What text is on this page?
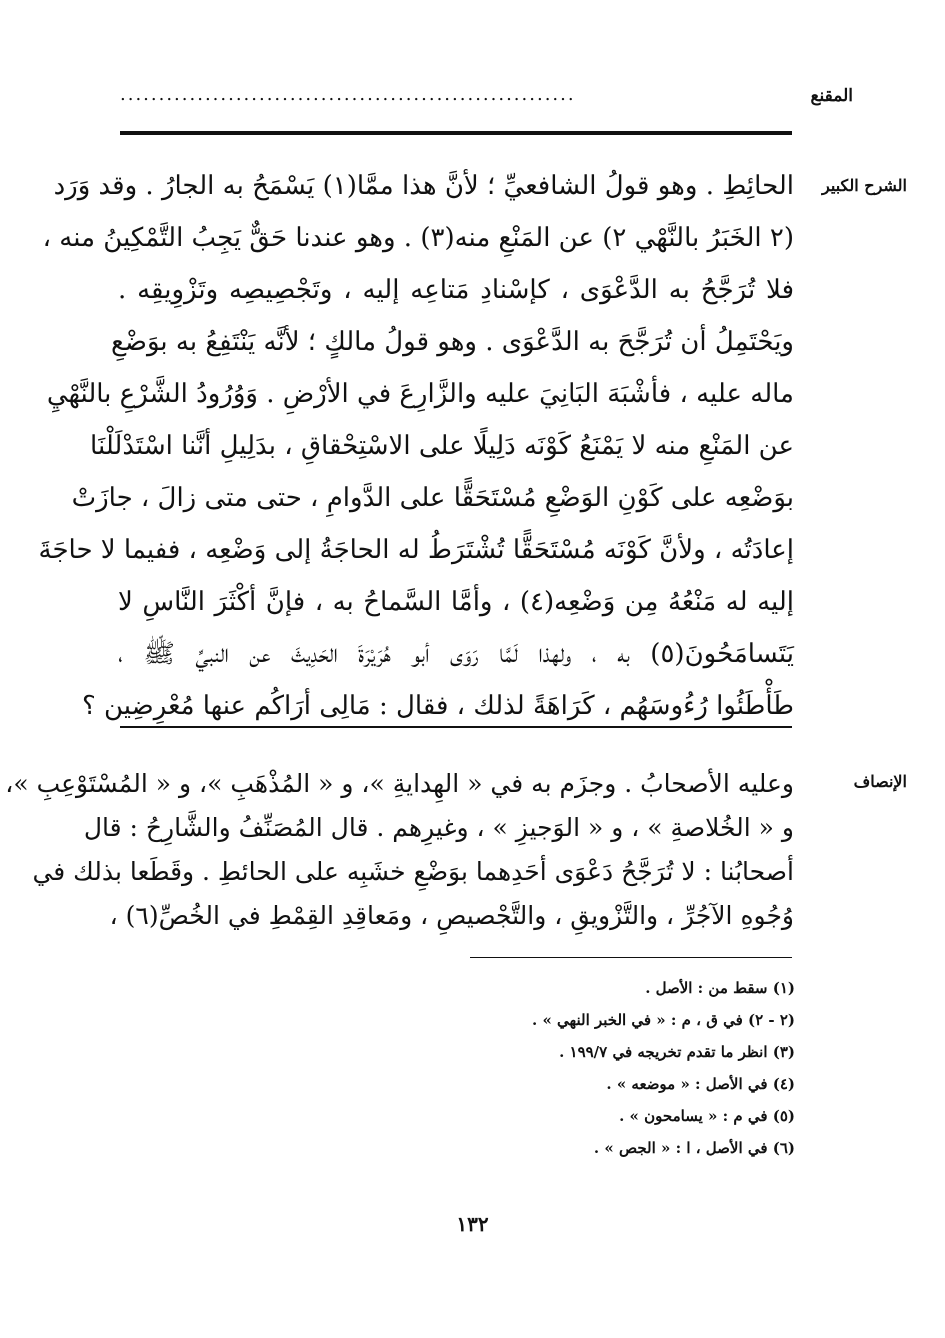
...........................................................	المقنع
الشرح الكبير
الحائِطِ . وهو قولُ الشافعيِّ ؛ لأنَّ هذا ممَّا(١) يَسْمَحُ به الجارُ . وقد وَرَد
(٢ الخَبَرُ بالنَّهْي ٢) عن المَنْعِ منه(٣) . وهو عندنا حَقٌّ يَجِبُ التَّمْكِينُ منه ،
فلا تُرَجَّحُ به الدَّعْوَى ، كإسْنادِ مَتاعِه إليه ، وتَجْصِيصِه وتَزْوِيقِه .
ويَحْتَمِلُ أن تُرَجَّحَ به الدَّعْوَى . وهو قولُ مالكٍ ؛ لأنَّه يَنْتَفِعُ به بوَضْعِ
ماله عليه ، فأشْبَهَ البَانِيَ عليه والزَّارِعَ في الأرْضِ . وَوُرُودُ الشَّرْعِ بالنَّهْيِ
عن المَنْعِ منه لا يَمْنَعُ كَوْنَه دَلِيلًا على الاسْتِحْقاقِ ، بدَلِيلِ أنَّنا اسْتَدْلَلْنَا
بوَضْعِه على كَوْنِ الوَضْعِ مُسْتَحَقًّا على الدَّوامِ ، حتى متى زالَ ، جازَتْ
إعادَتُه ، ولأنَّ كَوْنَه مُسْتَحَقًّا تُشْتَرَطُ له الحاجَةُ إلى وَضْعِه ، ففيما لا حاجَةَ
إليه له مَنْعُهُ مِن وَضْعِه(٤) ، وأمَّا السَّماحُ به ، فإنَّ أكْثَرَ النَّاسِ لا
يَتَسامَحُونَ(٥) به ، ولهذا لَمَّا رَوَى أبو هُرَيْرَةَ الحَدِيثَ عن النبيِّ ﷺ ،
طَأْطَئُوا رُءُوسَهُم ، كَرَاهَةً لذلك ، فقال : مَالِى أرَاكُم عنها مُعْرِضِين ؟
الإنصاف
وعليه الأصحابُ . وجزَم به في « الهِدايةِ »، و « المُذْهَبِ »، و « المُسْتَوْعِبِ »،
و « الخُلاصةِ » ، و « الوَجيزِ » ، وغيرِهم . قال المُصَنِّفُ والشَّارِحُ : قال
أصحابُنا : لا تُرَجَّحُ دَعْوَى أحَدِهما بوَضْعِ خشَبِه على الحائطِ . وقَطَعا بذلك في
وُجُوهِ الآجُرِّ ، والتَّزْويقِ ، والتَّجْصيصِ ، ومَعاقِدِ القِمْطِ في الخُصِّ(٦) ،
(١) سقط من : الأصل .
(٢ - ٢) في ق ، م : « في الخبر النهي » .
(٣) انظر ما تقدم تخريجه في ١٩٩/٧ .
(٤) في الأصل : « موضعه » .
(٥) في م : « يسامحون » .
(٦) في الأصل ، ا : « الجص » .
١٣٢
